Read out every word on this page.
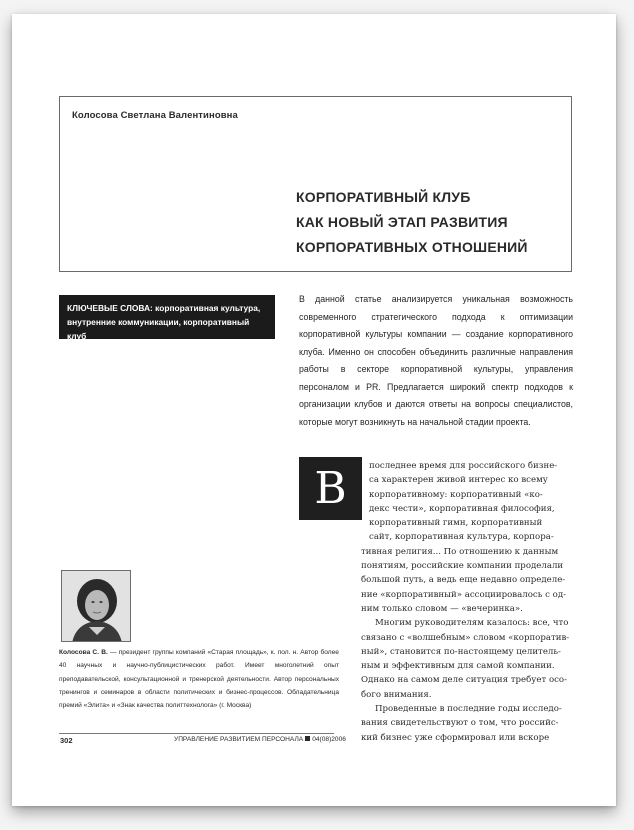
Колосова Светлана Валентиновна
КОРПОРАТИВНЫЙ КЛУБ
КАК НОВЫЙ ЭТАП РАЗВИТИЯ
КОРПОРАТИВНЫХ ОТНОШЕНИЙ
КЛЮЧЕВЫЕ СЛОВА: корпоративная культура,
внутренние коммуникации, корпоративный клуб
В данной статье анализируется уникальная возможность современного стратегического подхода к оптимизации корпоративной культуры компании — создание корпоративного клуба. Именно он способен объединить различные направления работы в секторе корпоративной культуры, управления персоналом и PR. Предлагается широкий спектр подходов к организации клубов и даются ответы на вопросы специалистов, которые могут возникнуть на начальной стадии проекта.
В	последнее время для российского бизне-
са характерен живой интерес ко всему
корпоративному: корпоративный «ко-
декс чести», корпоративная философия,
корпоративный гимн, корпоративный
сайт, корпоративная культура, корпора-
тивная религия... По отношению к данным
понятиям, российские компании проделали
большой путь, а ведь еще недавно определе-
ние «корпоративный» ассоциировалось с од-
ним только словом — «вечеринка».
Многим руководителям казалось: все, что
связано с «волшебным» словом «корпоратив-
ный», становится по-настоящему целитель-
ным и эффективным для самой компании.
Однако на самом деле ситуация требует осо-
бого внимания.
Проведенные в последние годы исследо-
вания свидетельствуют о том, что российс-
кий бизнес уже сформировал или вскоре
Колосова С. В. — президент группы компаний «Старая площадь», к. пол. н. Автор более 40 научных и научно-публицистических работ. Имеет многолетний опыт преподавательской, консультационной и тренерской деятельности. Автор персональных тренингов и семинаров в области политических и бизнес-процессов. Обладательница премий «Элита» и «Знак качества политтехнолога» (г. Москва)
302	УПРАВЛЕНИЕ РАЗВИТИЕМ ПЕРСОНАЛА 04(08)2006
